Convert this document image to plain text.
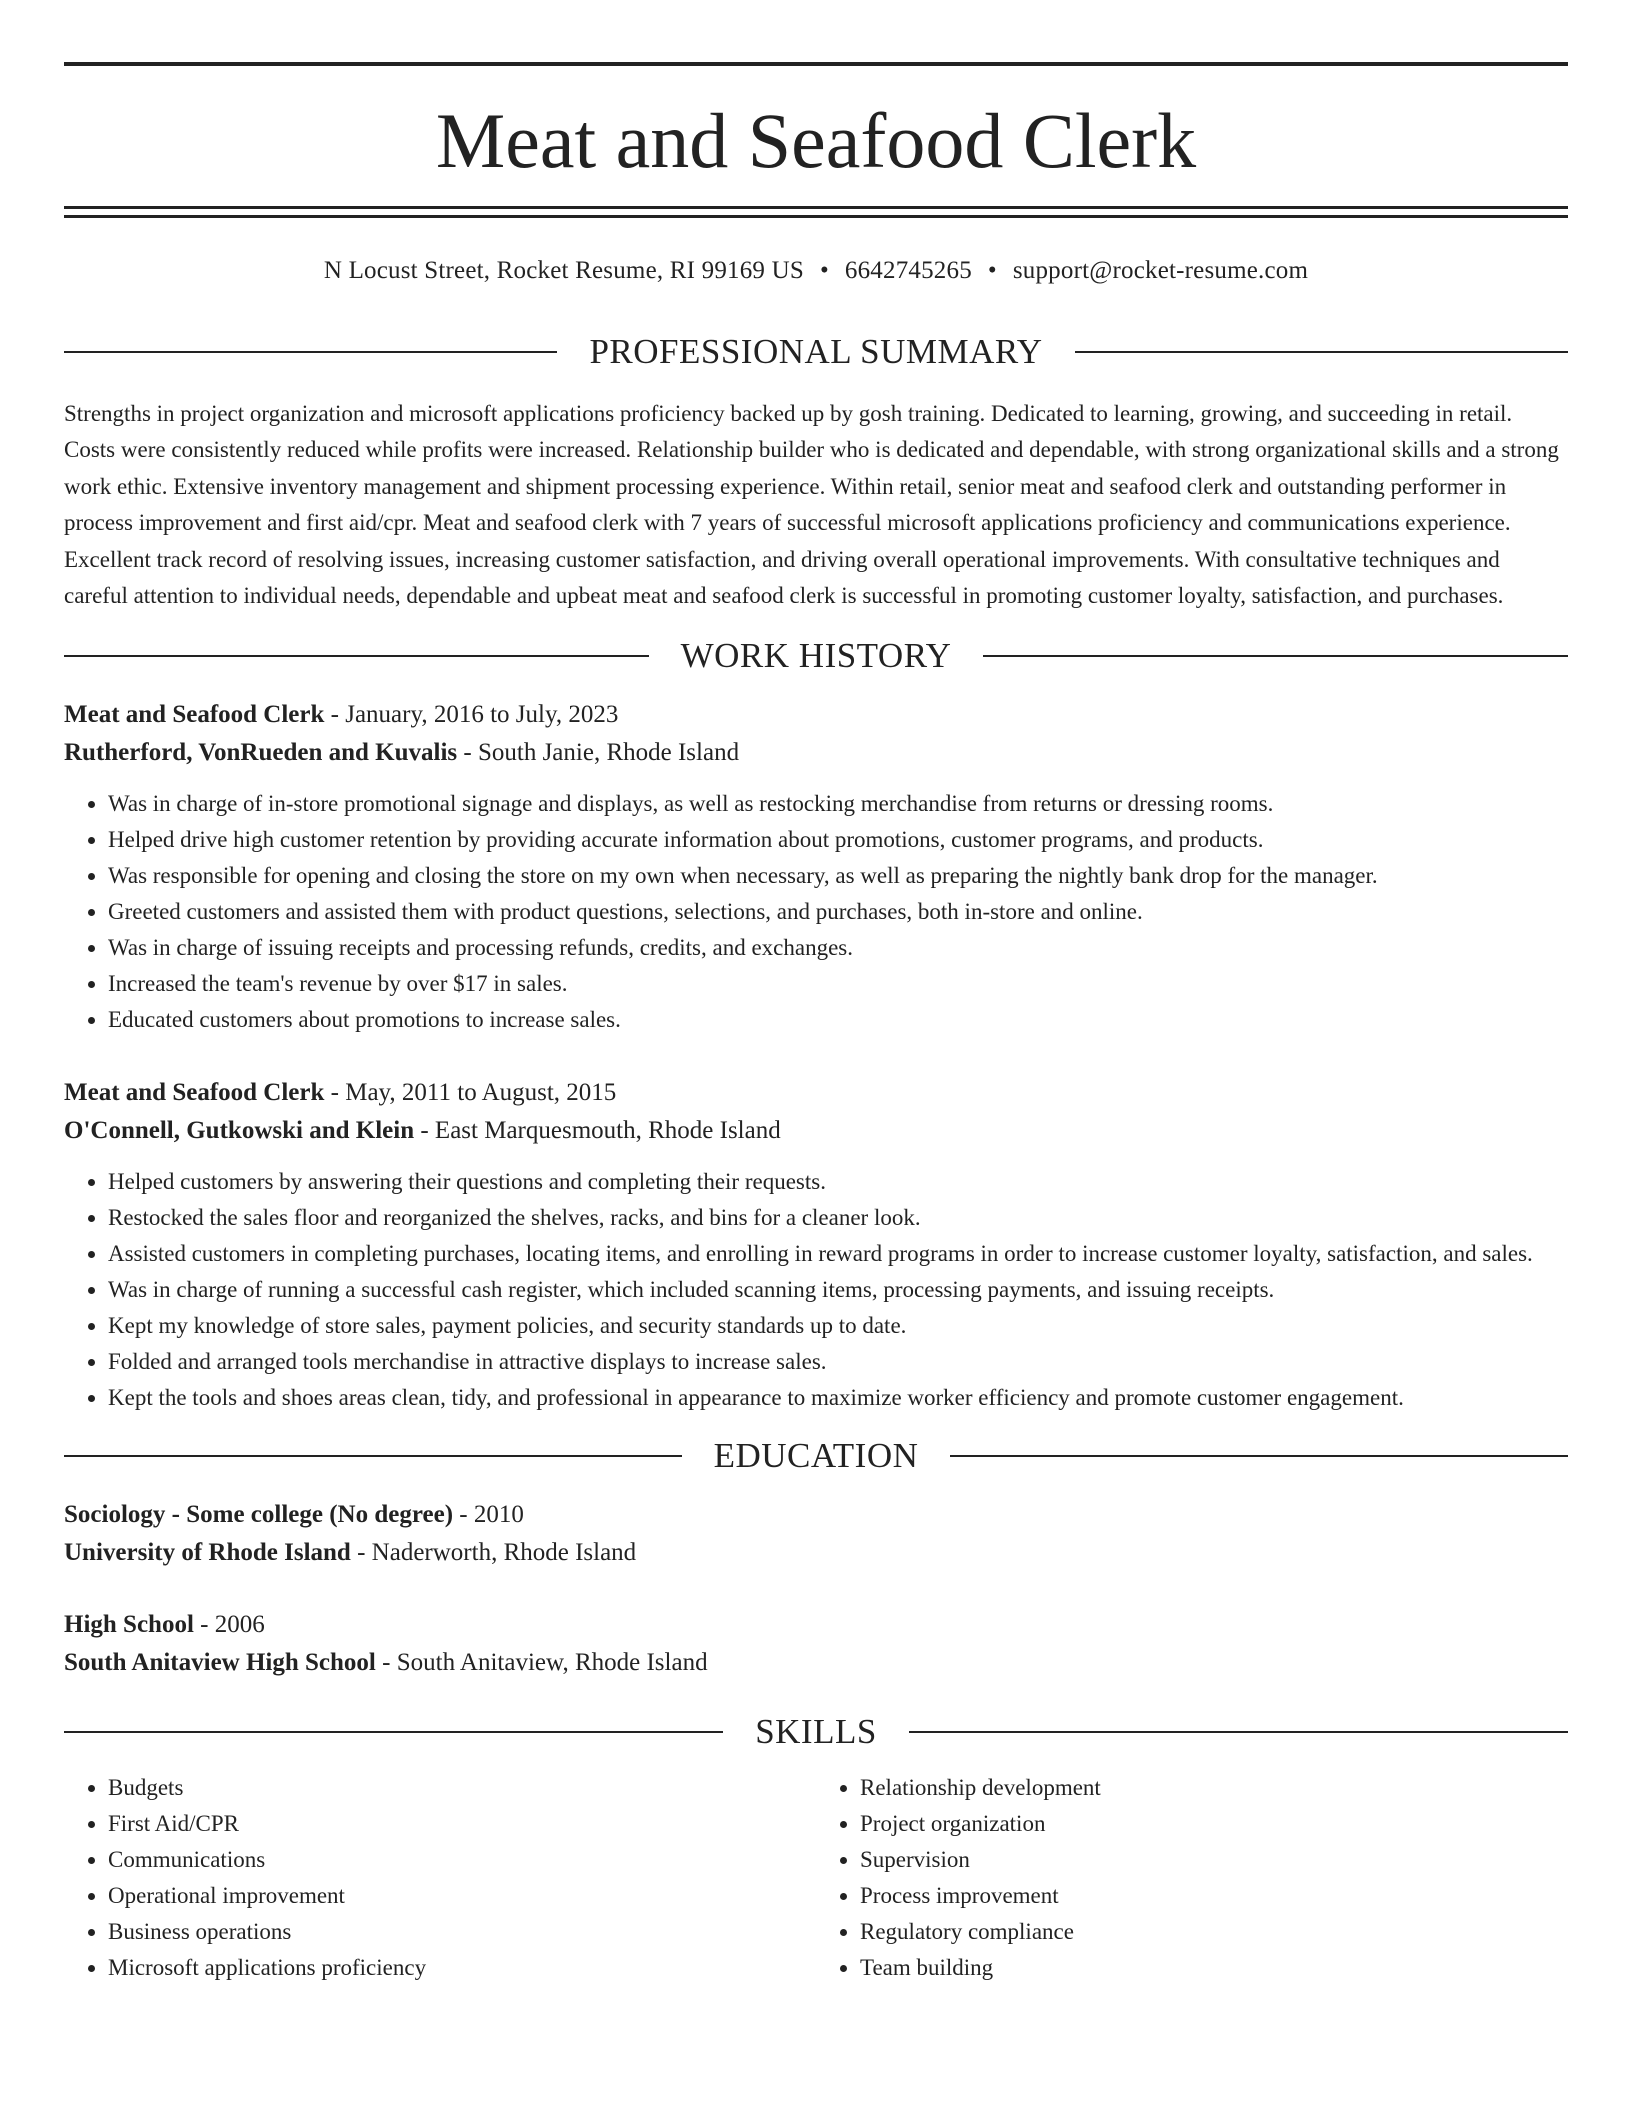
Meat and Seafood Clerk
N Locust Street, Rocket Resume, RI 99169 US • 6642745265 • support@rocket-resume.com
PROFESSIONAL SUMMARY
Strengths in project organization and microsoft applications proficiency backed up by gosh training. Dedicated to learning, growing, and succeeding in retail. Costs were consistently reduced while profits were increased. Relationship builder who is dedicated and dependable, with strong organizational skills and a strong work ethic. Extensive inventory management and shipment processing experience. Within retail, senior meat and seafood clerk and outstanding performer in process improvement and first aid/cpr. Meat and seafood clerk with 7 years of successful microsoft applications proficiency and communications experience. Excellent track record of resolving issues, increasing customer satisfaction, and driving overall operational improvements. With consultative techniques and careful attention to individual needs, dependable and upbeat meat and seafood clerk is successful in promoting customer loyalty, satisfaction, and purchases.
WORK HISTORY
Meat and Seafood Clerk - January, 2016 to July, 2023
Rutherford, VonRueden and Kuvalis - South Janie, Rhode Island
• Was in charge of in-store promotional signage and displays, as well as restocking merchandise from returns or dressing rooms.
• Helped drive high customer retention by providing accurate information about promotions, customer programs, and products.
• Was responsible for opening and closing the store on my own when necessary, as well as preparing the nightly bank drop for the manager.
• Greeted customers and assisted them with product questions, selections, and purchases, both in-store and online.
• Was in charge of issuing receipts and processing refunds, credits, and exchanges.
• Increased the team's revenue by over $17 in sales.
• Educated customers about promotions to increase sales.
Meat and Seafood Clerk - May, 2011 to August, 2015
O'Connell, Gutkowski and Klein - East Marquesmouth, Rhode Island
• Helped customers by answering their questions and completing their requests.
• Restocked the sales floor and reorganized the shelves, racks, and bins for a cleaner look.
• Assisted customers in completing purchases, locating items, and enrolling in reward programs in order to increase customer loyalty, satisfaction, and sales.
• Was in charge of running a successful cash register, which included scanning items, processing payments, and issuing receipts.
• Kept my knowledge of store sales, payment policies, and security standards up to date.
• Folded and arranged tools merchandise in attractive displays to increase sales.
• Kept the tools and shoes areas clean, tidy, and professional in appearance to maximize worker efficiency and promote customer engagement.
EDUCATION
Sociology - Some college (No degree) - 2010
University of Rhode Island - Naderworth, Rhode Island
High School - 2006
South Anitaview High School - South Anitaview, Rhode Island
SKILLS
• Budgets
• First Aid/CPR
• Communications
• Operational improvement
• Business operations
• Microsoft applications proficiency
• Relationship development
• Project organization
• Supervision
• Process improvement
• Regulatory compliance
• Team building
